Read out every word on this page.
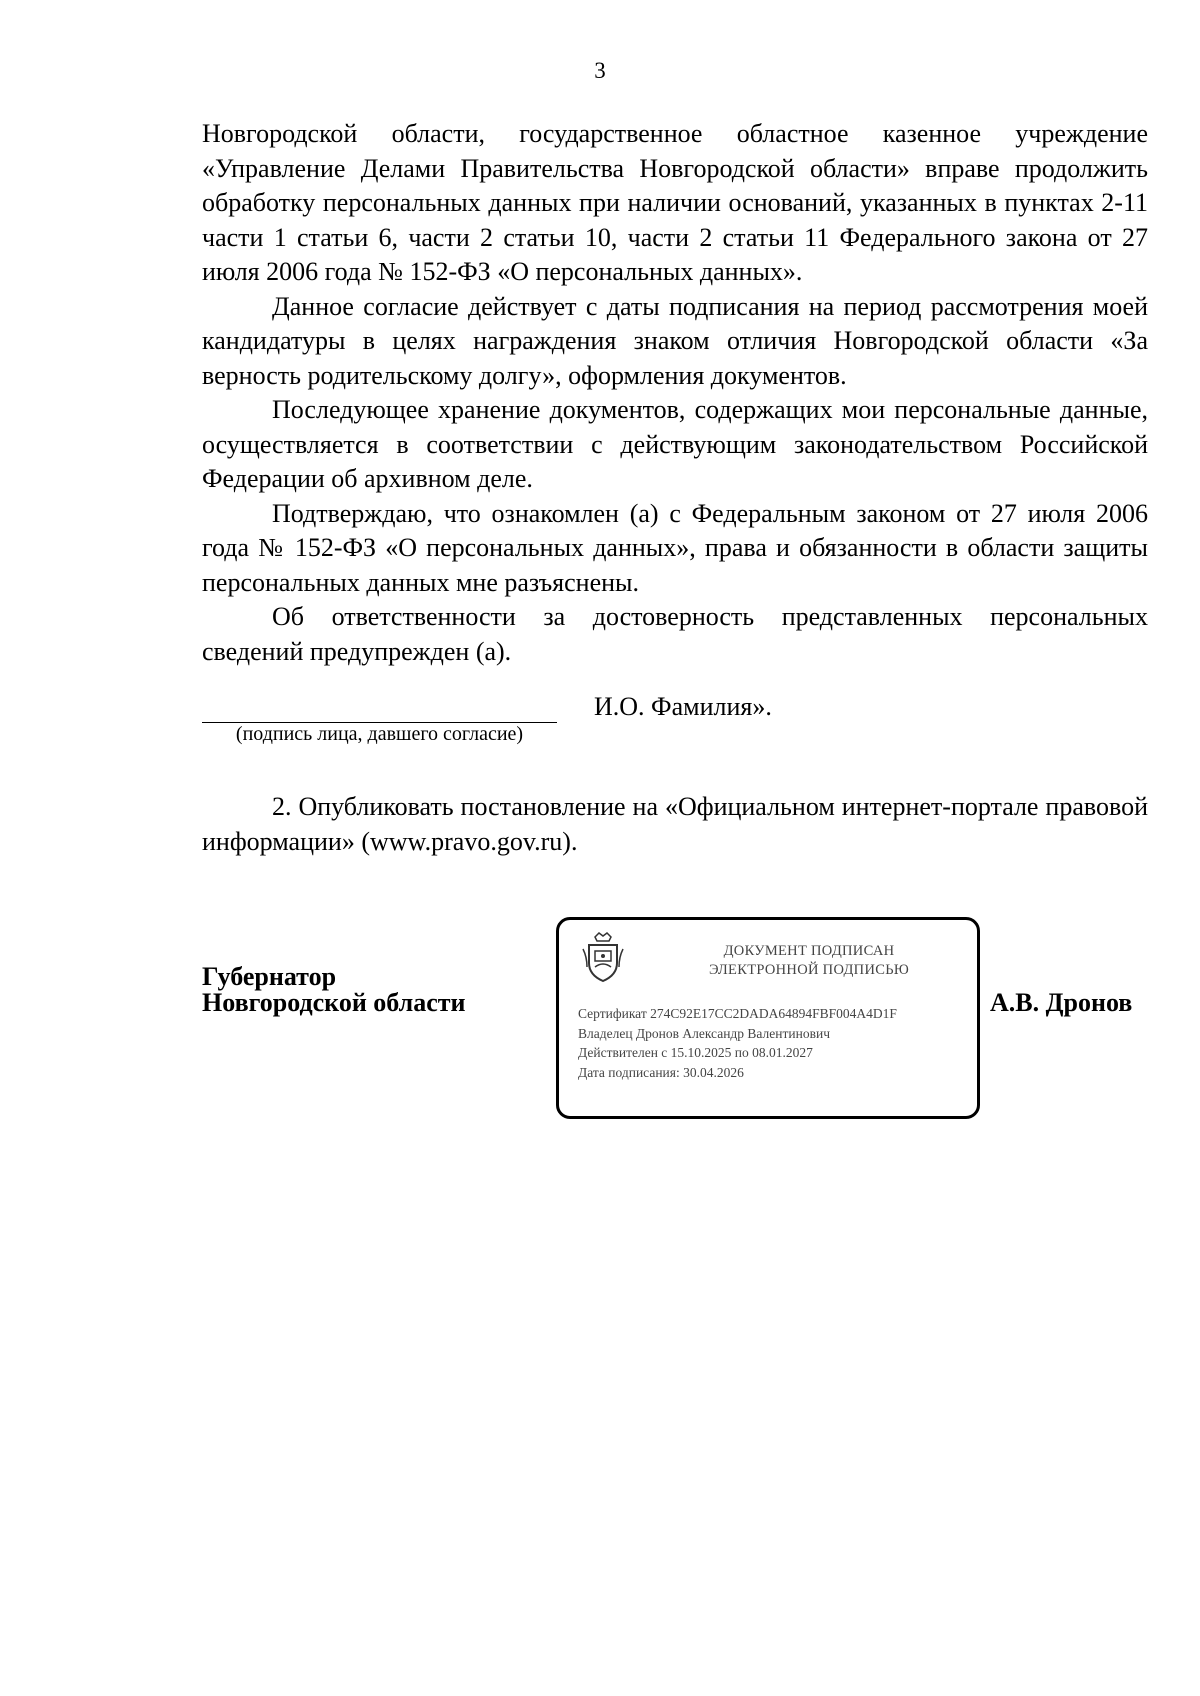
3

Новгородской области, государственное областное казенное учреждение «Управление Делами Правительства Новгородской области» вправе продолжить обработку персональных данных при наличии оснований, указанных в пунктах 2-11 части 1 статьи 6, части 2 статьи 10, части 2 статьи 11 Федерального закона от 27 июля 2006 года № 152-ФЗ «О персональных данных».

Данное согласие действует с даты подписания на период рассмотрения моей кандидатуры в целях награждения знаком отличия Новгородской области «За верность родительскому долгу», оформления документов.

Последующее хранение документов, содержащих мои персональные данные, осуществляется в соответствии с действующим законодательством Российской Федерации об архивном деле.

Подтверждаю, что ознакомлен (а) с Федеральным законом от 27 июля 2006 года № 152-ФЗ «О персональных данных», права и обязанности в области защиты персональных данных мне разъяснены.

Об ответственности за достоверность представленных персональных сведений предупрежден (а).

(подпись лица, давшего согласие)
И.О. Фамилия».

2. Опубликовать постановление на «Официальном интернет-портале правовой информации» (www.pravo.gov.ru).

Губернатор
Новгородской области
ДОКУМЕНТ ПОДПИСАН
ЭЛЕКТРОННОЙ ПОДПИСЬЮ
Сертификат 274C92E17CC2DADA64894FBF004A4D1F
Владелец Дронов Александр Валентинович
Действителен с 15.10.2025 по 08.01.2027
Дата подписания: 30.04.2026
А.В. Дронов
